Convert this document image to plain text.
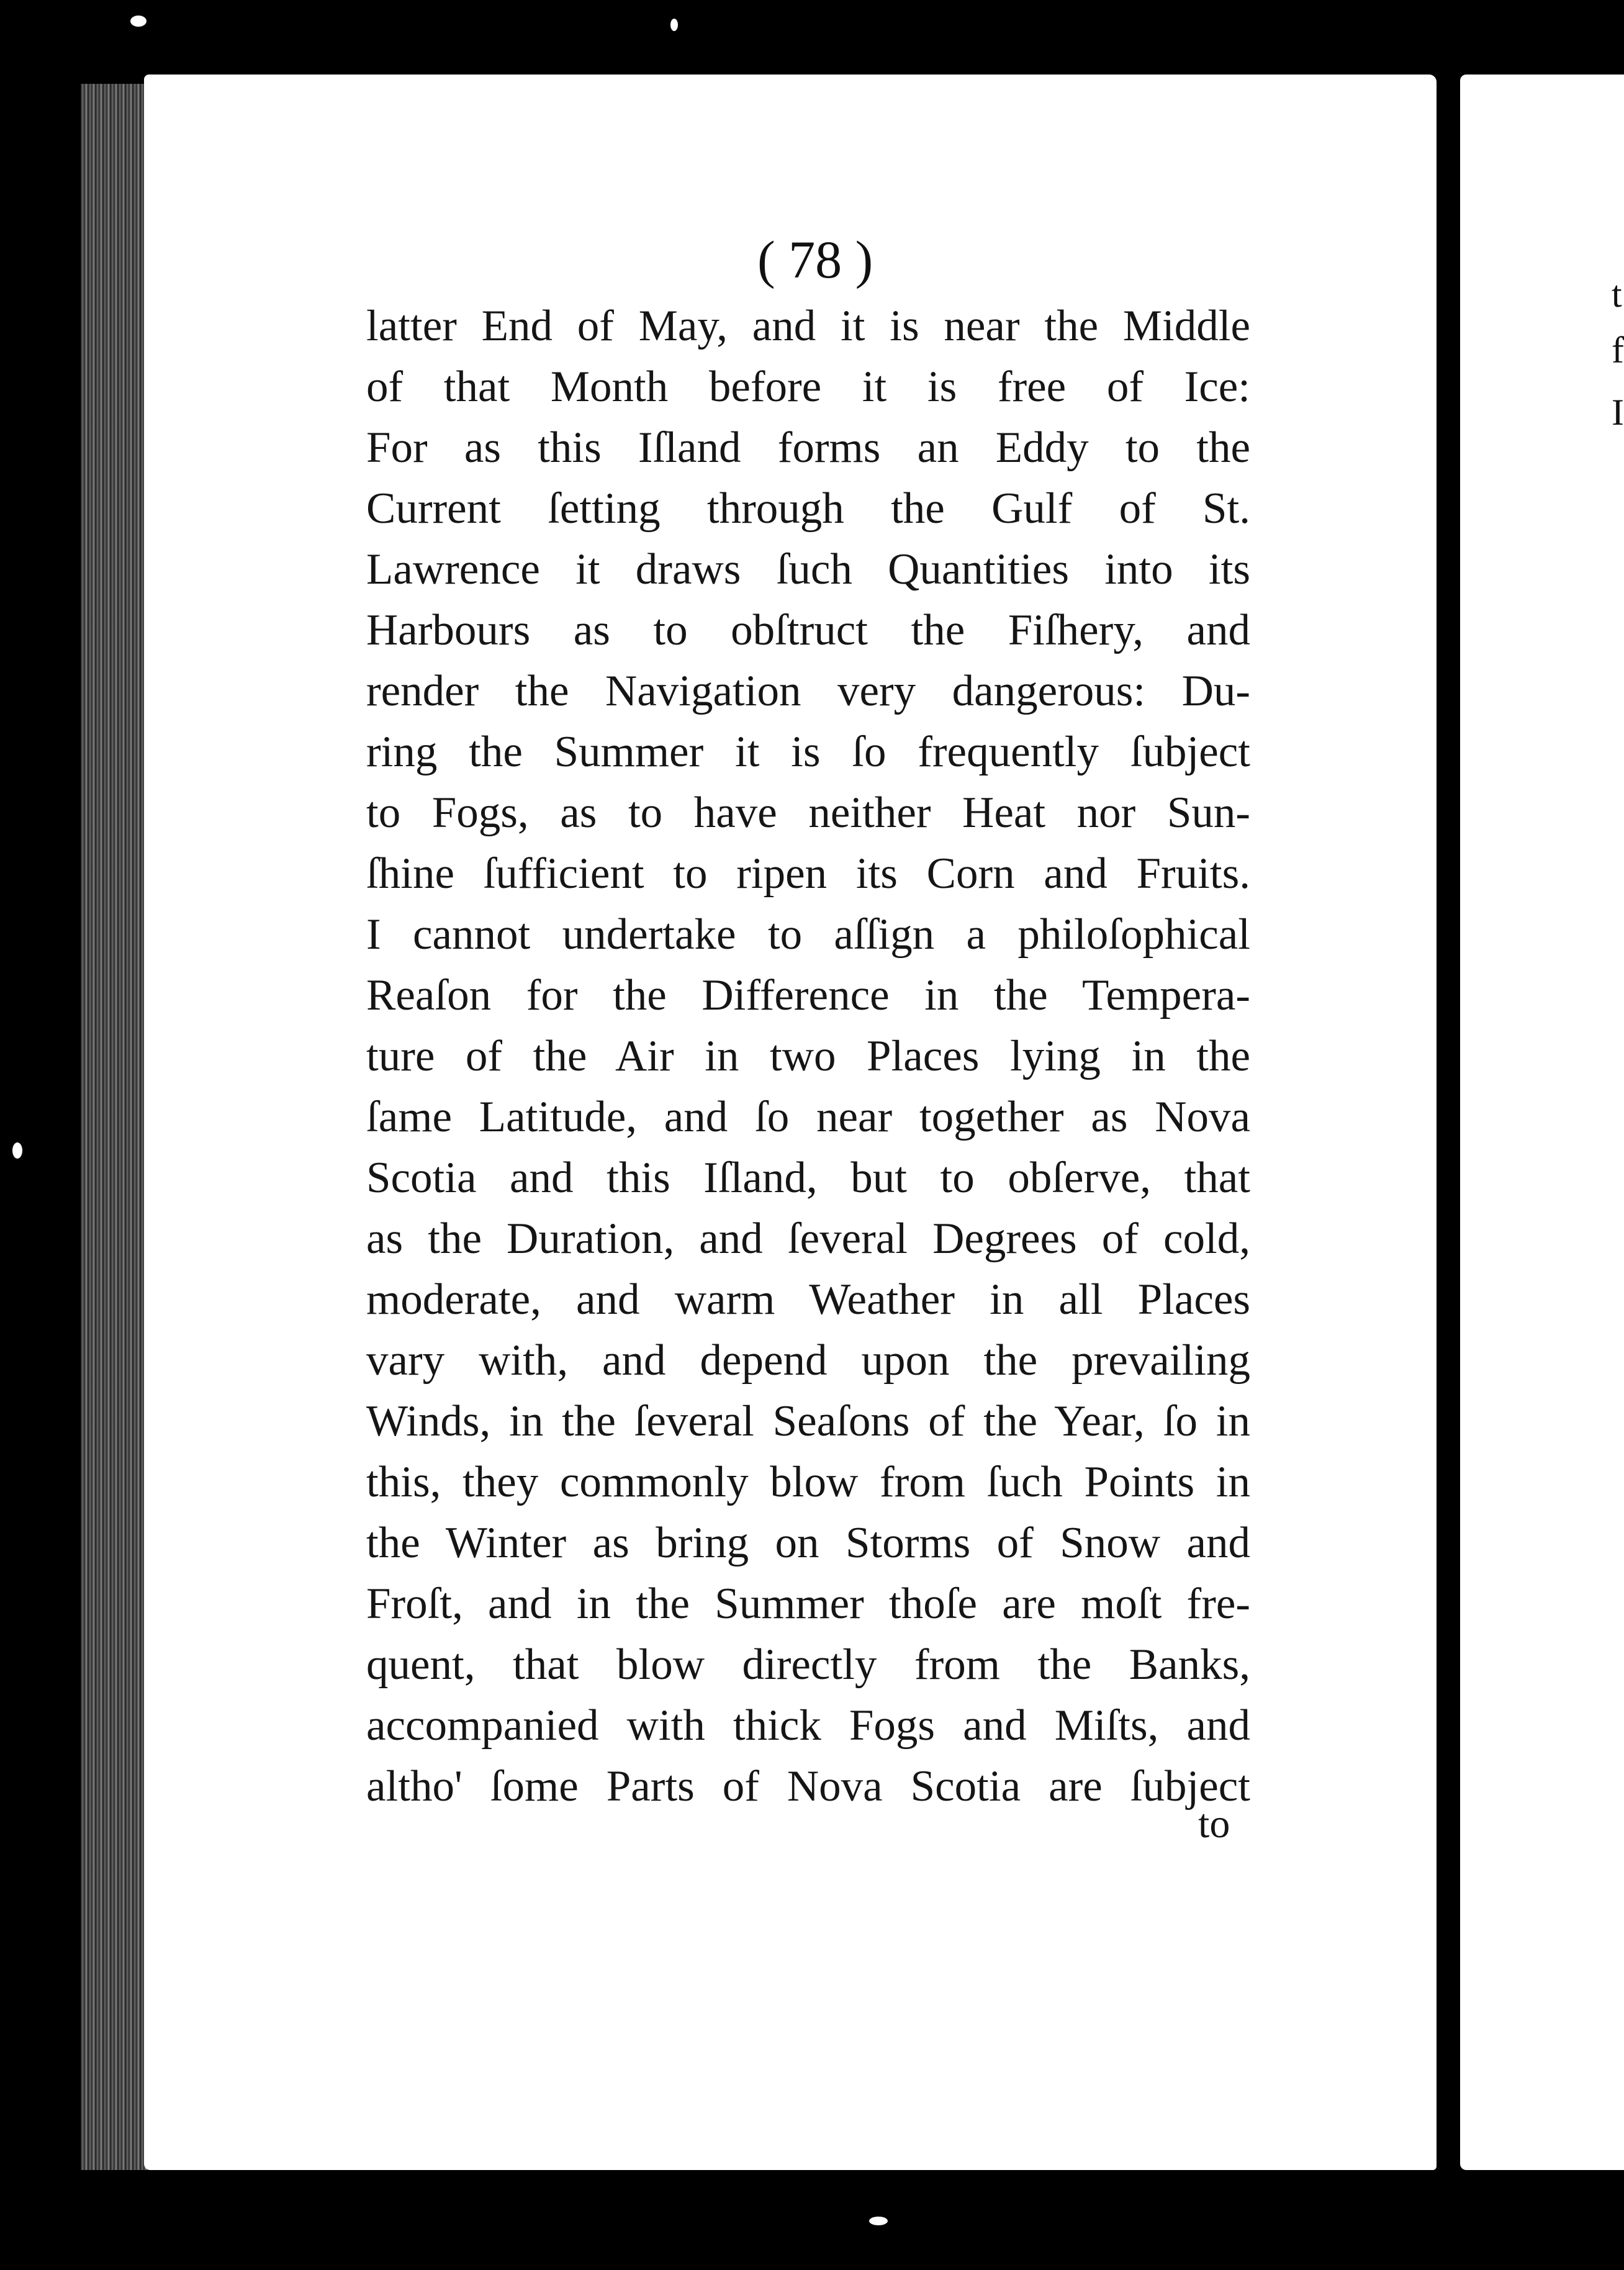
t
f
I
( 78 )
latter End of May, and it is near the Middle
of that Month before it is free of Ice:
For as this Iſland forms an Eddy to the
Current ſetting through the Gulf of St.
Lawrence it draws ſuch Quantities into its
Harbours as to obſtruct the Fiſhery, and
render the Navigation very dangerous: Du-
ring the Summer it is ſo frequently ſubject
to Fogs, as to have neither Heat nor Sun-
ſhine ſufficient to ripen its Corn and Fruits.
I cannot undertake to aſſign a philoſophical
Reaſon for the Difference in the Tempera-
ture of the Air in two Places lying in the
ſame Latitude, and ſo near together as Nova
Scotia and this Iſland, but to obſerve, that
as the Duration, and ſeveral Degrees of cold,
moderate, and warm Weather in all Places
vary with, and depend upon the prevailing
Winds, in the ſeveral Seaſons of the Year, ſo in
this, they commonly blow from ſuch Points in
the Winter as bring on Storms of Snow and
Froſt, and in the Summer thoſe are moſt fre-
quent, that blow directly from the Banks,
accompanied with thick Fogs and Miſts, and
altho' ſome Parts of Nova Scotia are ſubject
to
